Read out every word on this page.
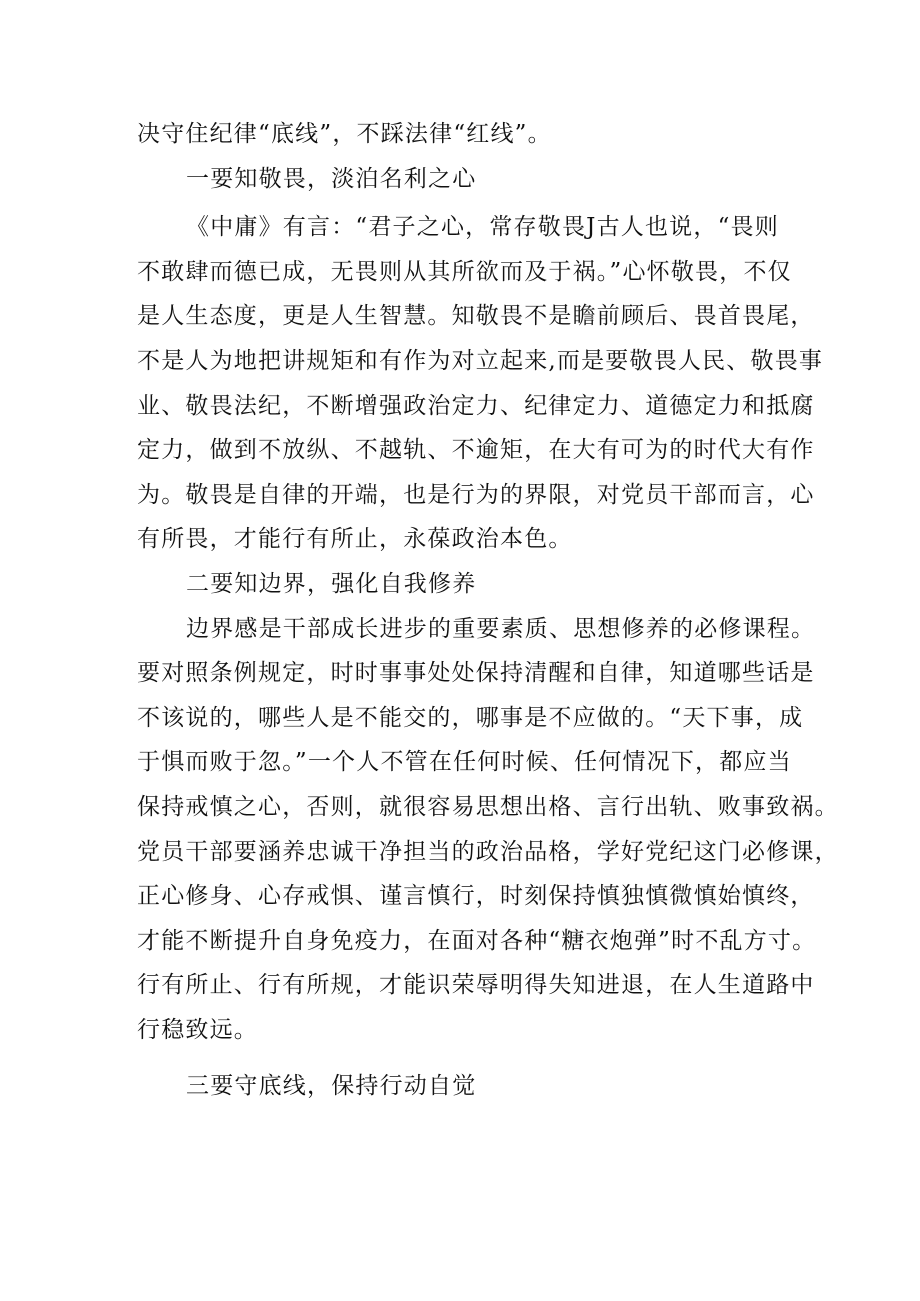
决守住纪律“底线”，不踩法律“红线”。
一要知敬畏，淡泊名利之心
《中庸》有言：“君子之心，常存敬畏J古人也说，“畏则
不敢肆而德已成，无畏则从其所欲而及于祸。”心怀敬畏，不仅
是人生态度，更是人生智慧。知敬畏不是瞻前顾后、畏首畏尾，
不是人为地把讲规矩和有作为对立起来,而是要敬畏人民、敬畏事
业、敬畏法纪，不断增强政治定力、纪律定力、道德定力和抵腐
定力，做到不放纵、不越轨、不逾矩，在大有可为的时代大有作
为。敬畏是自律的开端，也是行为的界限，对党员干部而言，心
有所畏，才能行有所止，永葆政治本色。
二要知边界，强化自我修养
边界感是干部成长进步的重要素质、思想修养的必修课程。
要对照条例规定，时时事事处处保持清醒和自律，知道哪些话是
不该说的，哪些人是不能交的，哪事是不应做的。“天下事，成
于惧而败于忽。”一个人不管在任何时候、任何情况下，都应当
保持戒慎之心，否则，就很容易思想出格、言行出轨、败事致祸。
党员干部要涵养忠诚干净担当的政治品格，学好党纪这门必修课，
正心修身、心存戒惧、谨言慎行，时刻保持慎独慎微慎始慎终，
才能不断提升自身免疫力，在面对各种“糖衣炮弹”时不乱方寸。
行有所止、行有所规，才能识荣辱明得失知进退，在人生道路中
行稳致远。
三要守底线，保持行动自觉
